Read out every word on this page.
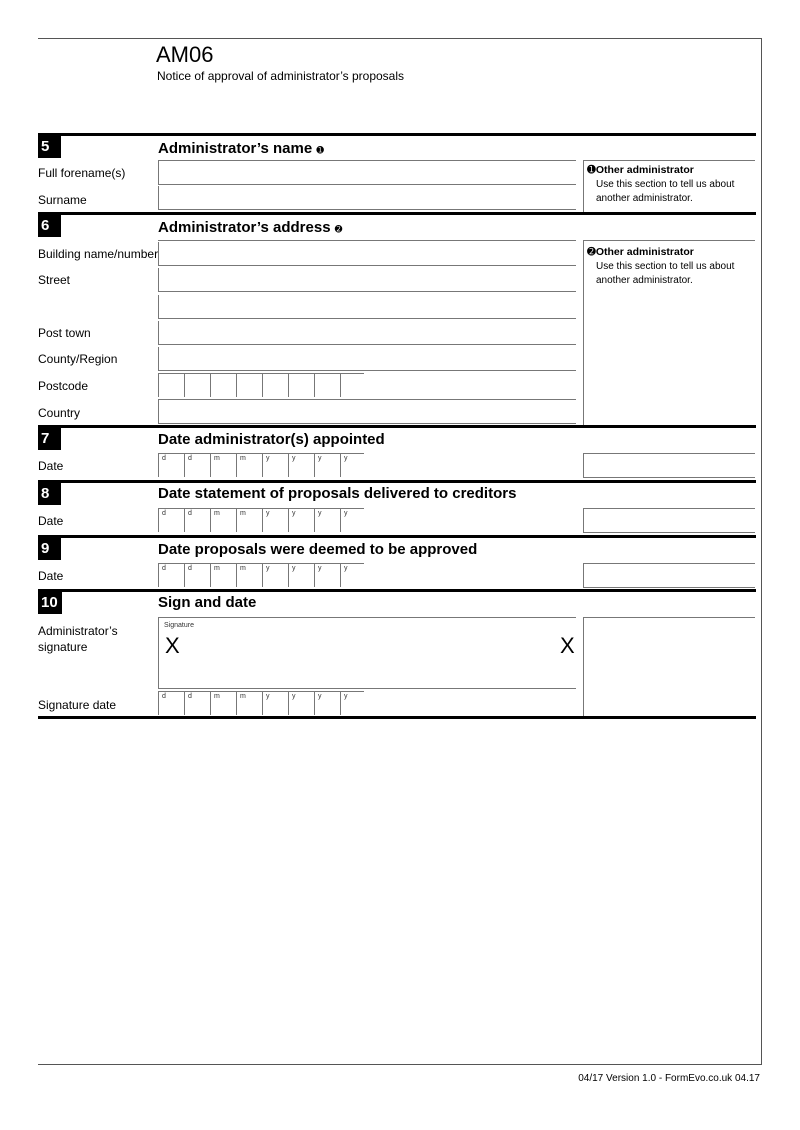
AM06
Notice of approval of administrator’s proposals
5	Administrator’s name ➊
Full forename(s)
Surname
➊Other administrator
Use this section to tell us about
another administrator.
6	Administrator’s address ➋
Building name/number
Street
Post town
County/Region
Postcode
Country
➋Other administrator
Use this section to tell us about
another administrator.
7	Date administrator(s) appointed
Date
d	d	m	m	y	y	y	y
8	Date statement of proposals delivered to creditors
Date
d	d	m	m	y	y	y	y
9	Date proposals were deemed to be approved
Date
d	d	m	m	y	y	y	y
10	Sign and date
Administrator’s
signature
Signature
X	X
Signature date
d	d	m	m	y	y	y	y
04/17 Version 1.0 - FormEvo.co.uk 04.17
